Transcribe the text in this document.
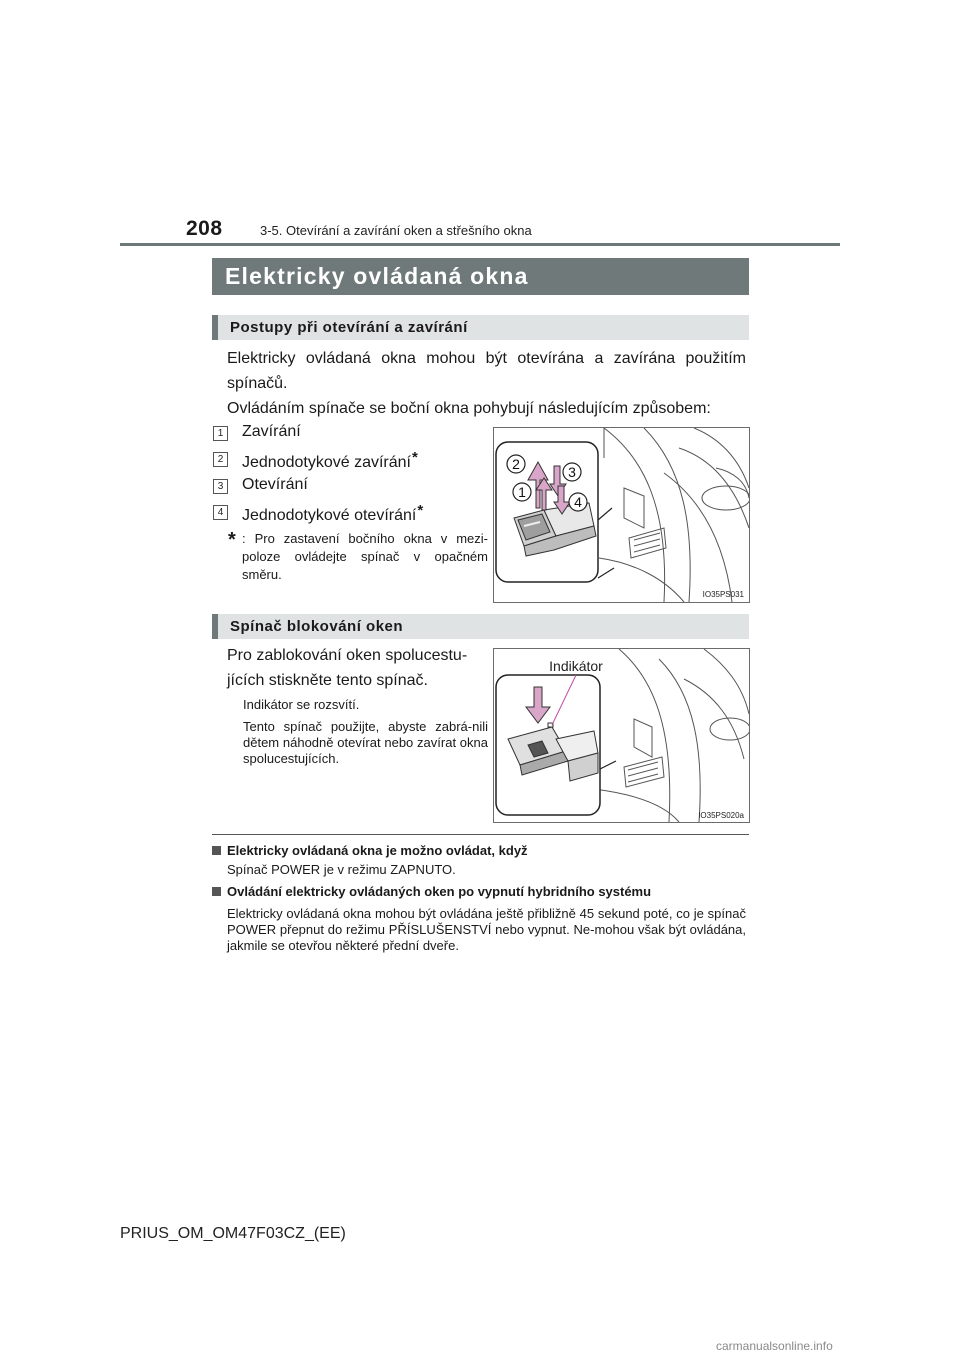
208	3-5. Otevírání a zavírání oken a střešního okna
Elektricky ovládaná okna
Postupy při otevírání a zavírání
Elektricky ovládaná okna mohou být otevírána a zavírána použitím spínačů.
Ovládáním spínače se boční okna pohybují následujícím způsobem:
1 Zavírání
2 Jednodotykové zavírání*
3 Otevírání
4 Jednodotykové otevírání*
* : Pro zastavení bočního okna v mezi-poloze ovládejte spínač v opačném směru.
2	3
1
4
IO35PS031
Spínač blokování oken
Pro zablokování oken spolucestu-jících stiskněte tento spínač.
Indikátor se rozsvítí.
Tento spínač použijte, abyste zabrá-nili dětem náhodně otevírat nebo zavírat okna spolucestujících.
Indikátor
IO35PS020a
Elektricky ovládaná okna je možno ovládat, když
Spínač POWER je v režimu ZAPNUTO.
Ovládání elektricky ovládaných oken po vypnutí hybridního systému
Elektricky ovládaná okna mohou být ovládána ještě přibližně 45 sekund poté, co je spínač POWER přepnut do režimu PŘÍSLUŠENSTVÍ nebo vypnut. Ne-mohou však být ovládána, jakmile se otevřou některé přední dveře.
PRIUS_OM_OM47F03CZ_(EE)
carmanualsonline.info
